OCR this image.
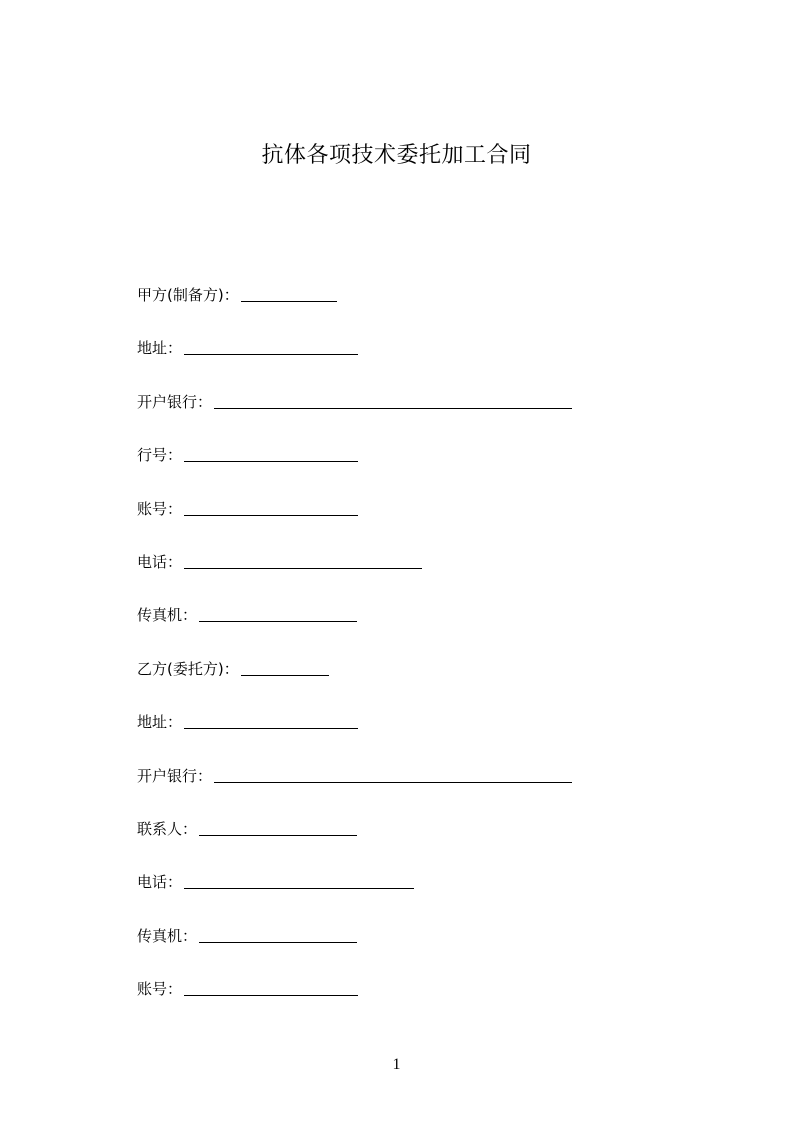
抗体各项技术委托加工合同
甲方(制备方)：
地址：
开户银行：
行号：
账号：
电话：
传真机：
乙方(委托方)：
地址：
开户银行：
联系人：
电话：
传真机：
账号：
1
